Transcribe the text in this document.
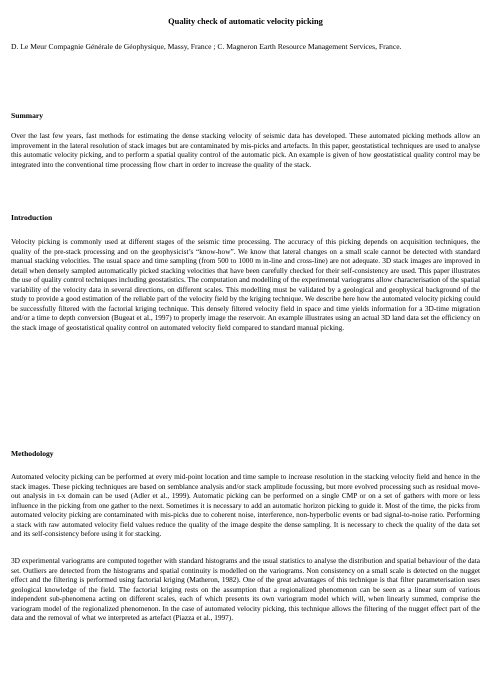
Quality check of automatic velocity picking
D. Le Meur Compagnie Générale de Géophysique, Massy, France ; C. Magneron Earth Resource Management Services, France.
Summary
Over the last few years, fast methods for estimating the dense stacking velocity of seismic data has developed. These automated picking methods allow an improvement in the lateral resolution of stack images but are contaminated by mis-picks and artefacts. In this paper, geostatistical techniques are used to analyse this automatic velocity picking, and to perform a spatial quality control of the automatic pick. An example is given of how geostatistical quality control may be integrated into the conventional time processing flow chart in order to increase the quality of the stack.
Introduction
Velocity picking is commonly used at different stages of the seismic time processing. The accuracy of this picking depends on acquisition techniques, the quality of the pre-stack processing and on the geophysicist’s “know-how”. We know that lateral changes on a small scale cannot be detected with standard manual stacking velocities. The usual space and time sampling (from 500 to 1000 m in-line and cross-line) are not adequate. 3D stack images are improved in detail when densely sampled automatically picked stacking velocities that have been carefully checked for their self-consistency are used. This paper illustrates the use of quality control techniques including geostatistics. The computation and modelling of the experimental variograms allow characterisation of the spatial variability of the velocity data in several directions, on different scales. This modelling must be validated by a geological and geophysical background of the study to provide a good estimation of the reliable part of the velocity field by the kriging technique. We describe here how the automated velocity picking could be successfully filtered with the factorial kriging technique. This densely filtered velocity field in space and time yields information for a 3D-time migration and/or a time to depth conversion (Bugeat et al., 1997) to properly image the reservoir. An example illustrates using an actual 3D land data set the efficiency on the stack image of geostatistical quality control on automated velocity field compared to standard manual picking.
Methodology
Automated velocity picking can be performed at every mid-point location and time sample to increase resolution in the stacking velocity field and hence in the stack images. These picking techniques are based on semblance analysis and/or stack amplitude focussing, but more evolved processing such as residual move-out analysis in t-x domain can be used (Adler et al., 1999). Automatic picking can be performed on a single CMP or on a set of gathers with more or less influence in the picking from one gather to the next. Sometimes it is necessary to add an automatic horizon picking to guide it. Most of the time, the picks from automated velocity picking are contaminated with mis-picks due to coherent noise, interference, non-hyperbolic events or bad signal-to-noise ratio. Performing a stack with raw automated velocity field values reduce the quality of the image despite the dense sampling. It is necessary to check the quality of the data set and its self-consistency before using it for stacking.
3D experimental variograms are computed together with standard histograms and the usual statistics to analyse the distribution and spatial behaviour of the data set. Outliers are detected from the histograms and spatial continuity is modelled on the variograms. Non consistency on a small scale is detected on the nugget effect and the filtering is performed using factorial kriging (Matheron, 1982). One of the great advantages of this technique is that filter parameterisation uses geological knowledge of the field. The factorial kriging rests on the assumption that a regionalized phenomenon can be seen as a linear sum of various independent sub-phenomena acting on different scales, each of which presents its own variogram model which will, when linearly summed, comprise the variogram model of the regionalized phenomenon. In the case of automated velocity picking, this technique allows the filtering of the nugget effect part of the data and the removal of what we interpreted as artefact (Piazza et al., 1997).
